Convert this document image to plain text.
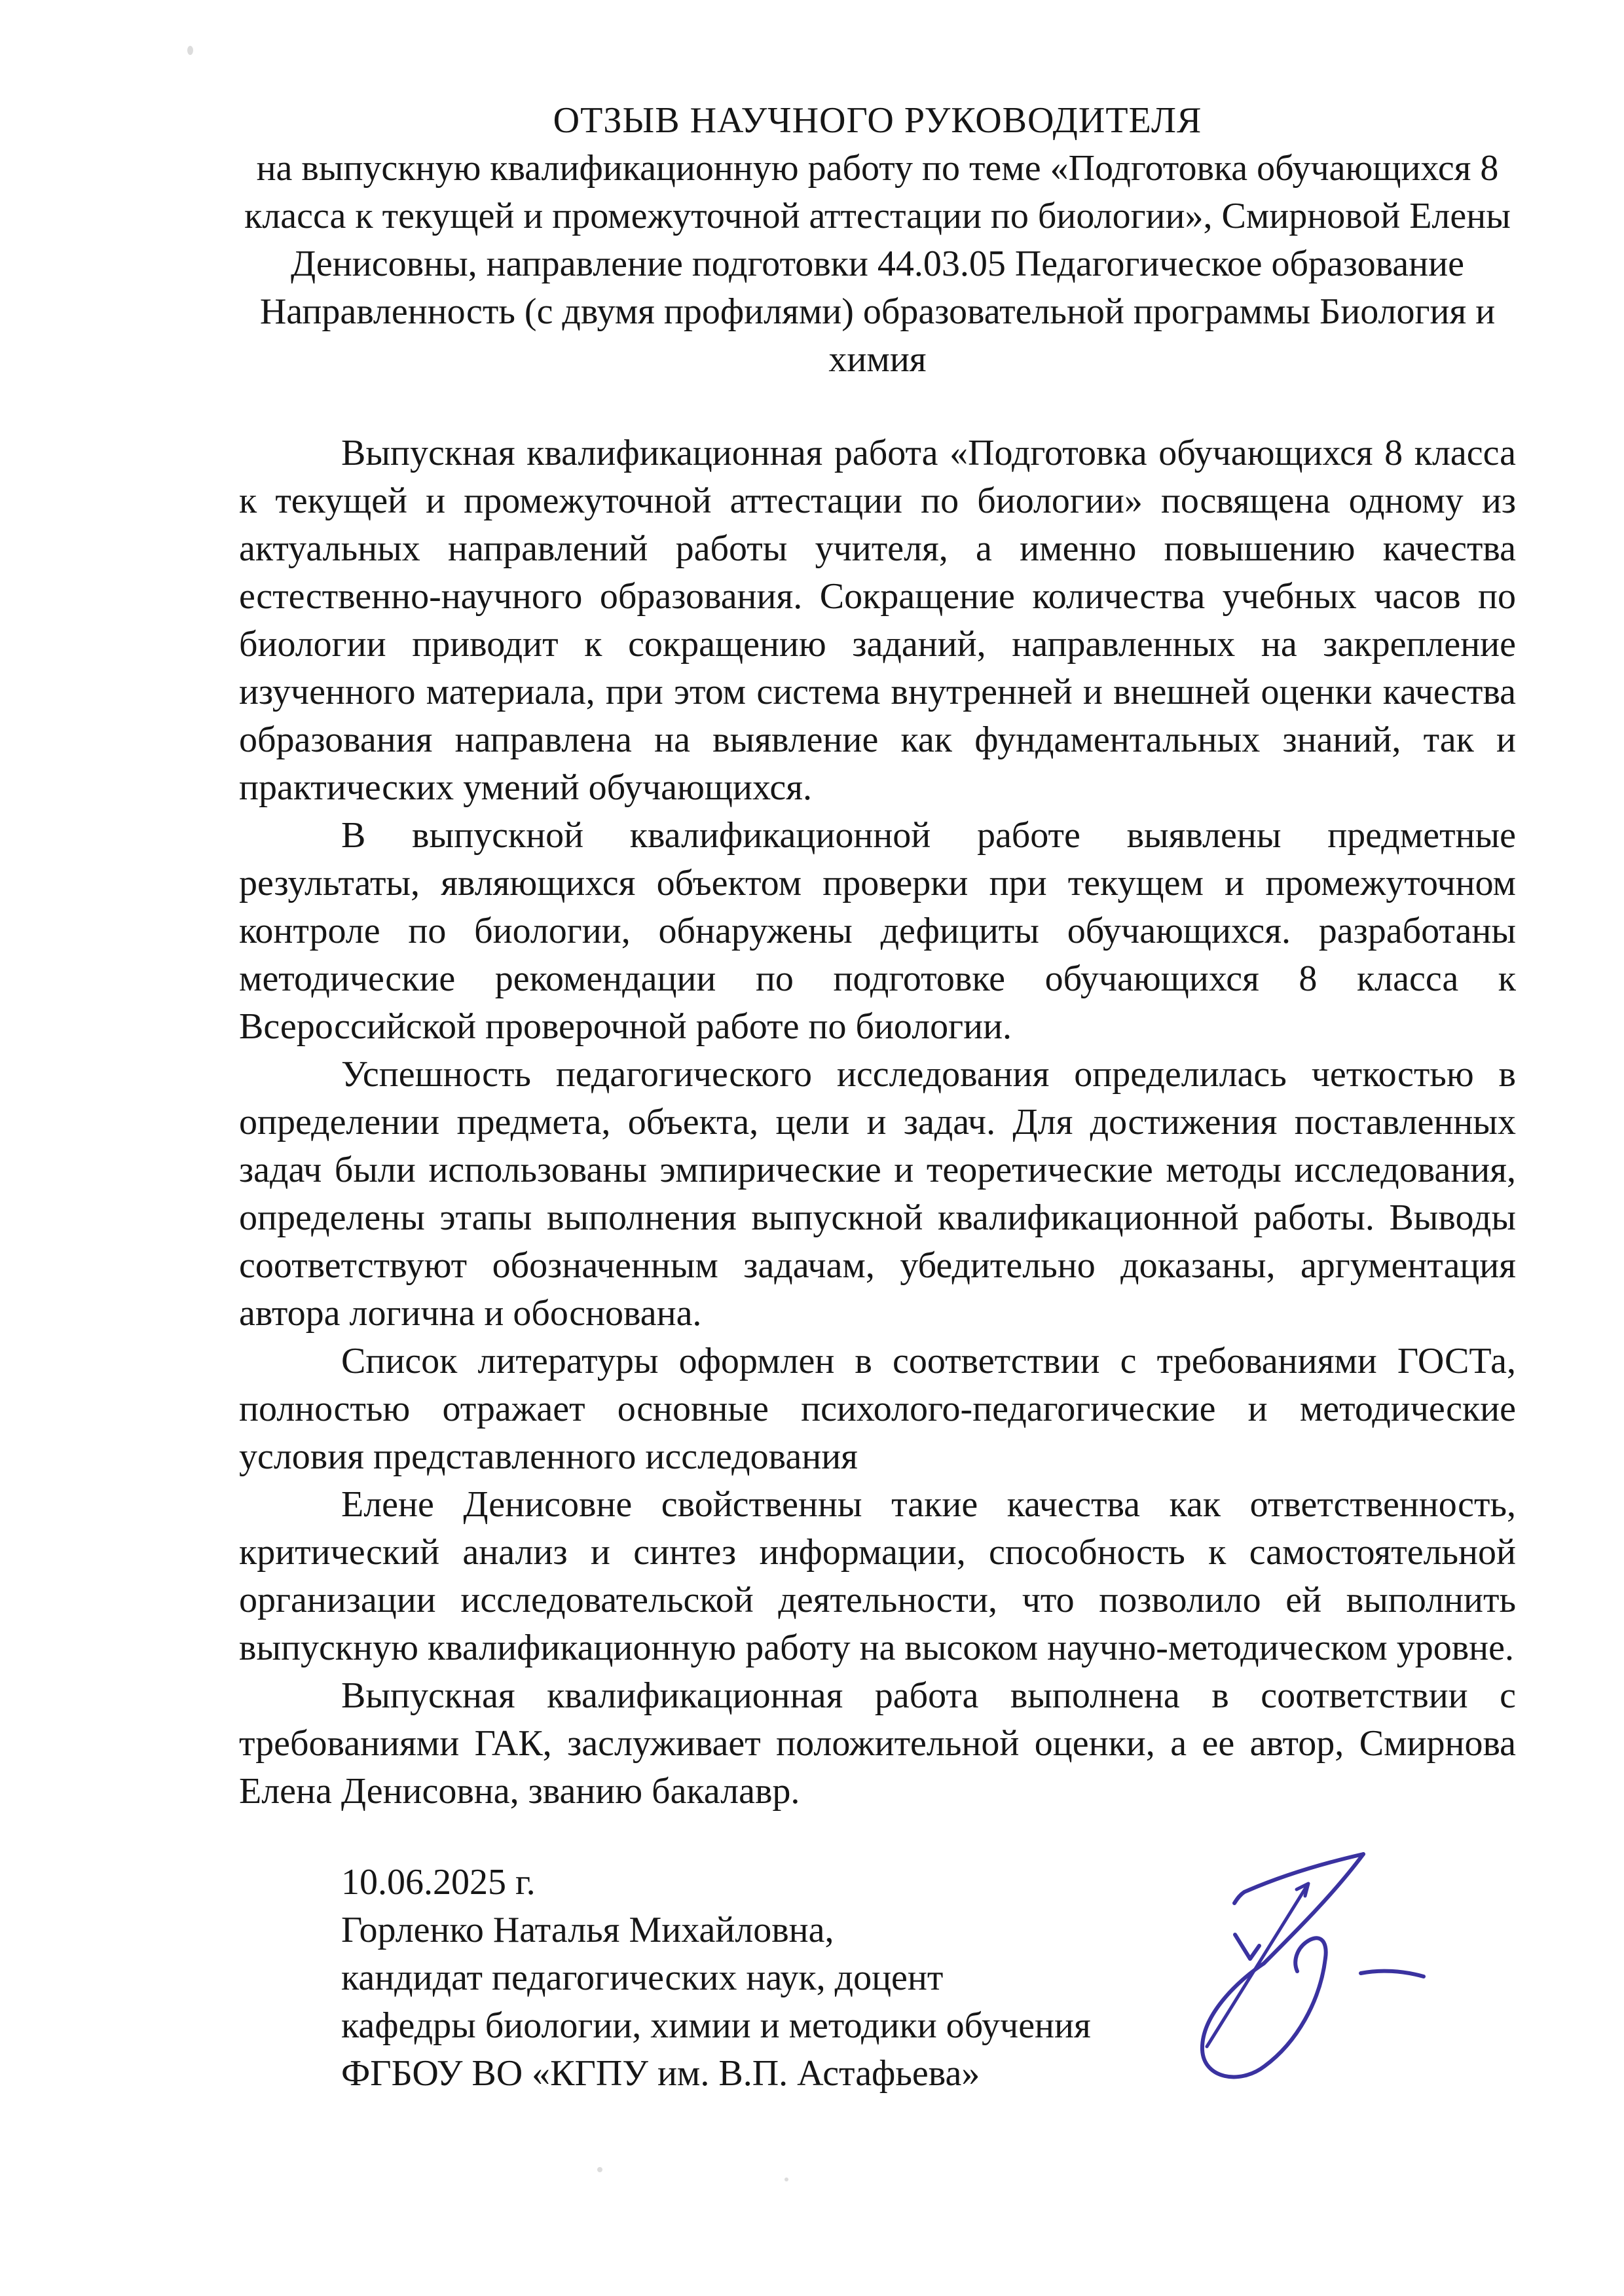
ОТЗЫВ НАУЧНОГО РУКОВОДИТЕЛЯ
на выпускную квалификационную работу по теме «Подготовка обучающихся 8 класса к текущей и промежуточной аттестации по биологии», Смирновой Елены Денисовны, направление подготовки 44.03.05 Педагогическое образование Направленность (с двумя профилями) образовательной программы Биология и химия

Выпускная квалификационная работа «Подготовка обучающихся 8 класса к текущей и промежуточной аттестации по биологии» посвящена одному из актуальных направлений работы учителя, а именно повышению качества естественно-научного образования. Сокращение количества учебных часов по биологии приводит к сокращению заданий, направленных на закрепление изученного материала, при этом система внутренней и внешней оценки качества образования направлена на выявление как фундаментальных знаний, так и практических умений обучающихся.

В выпускной квалификационной работе выявлены предметные результаты, являющихся объектом проверки при текущем и промежуточном контроле по биологии, обнаружены дефициты обучающихся. разработаны методические рекомендации по подготовке обучающихся 8 класса к Всероссийской проверочной работе по биологии.

Успешность педагогического исследования определилась четкостью в определении предмета, объекта, цели и задач. Для достижения поставленных задач были использованы эмпирические и теоретические методы исследования, определены этапы выполнения выпускной квалификационной работы. Выводы соответствуют обозначенным задачам, убедительно доказаны, аргументация автора логична и обоснована.

Список литературы оформлен в соответствии с требованиями ГОСТа, полностью отражает основные психолого-педагогические и методические условия представленного исследования

Елене Денисовне свойственны такие качества как ответственность, критический анализ и синтез информации, способность к самостоятельной организации исследовательской деятельности, что позволило ей выполнить выпускную квалификационную работу на высоком научно-методическом уровне.

Выпускная квалификационная работа выполнена в соответствии с требованиями ГАК, заслуживает положительной оценки, а ее автор, Смирнова Елена Денисовна, званию бакалавр.

10.06.2025 г.
Горленко Наталья Михайловна,
кандидат педагогических наук, доцент
кафедры биологии, химии и методики обучения
ФГБОУ ВО «КГПУ им. В.П. Астафьева»
